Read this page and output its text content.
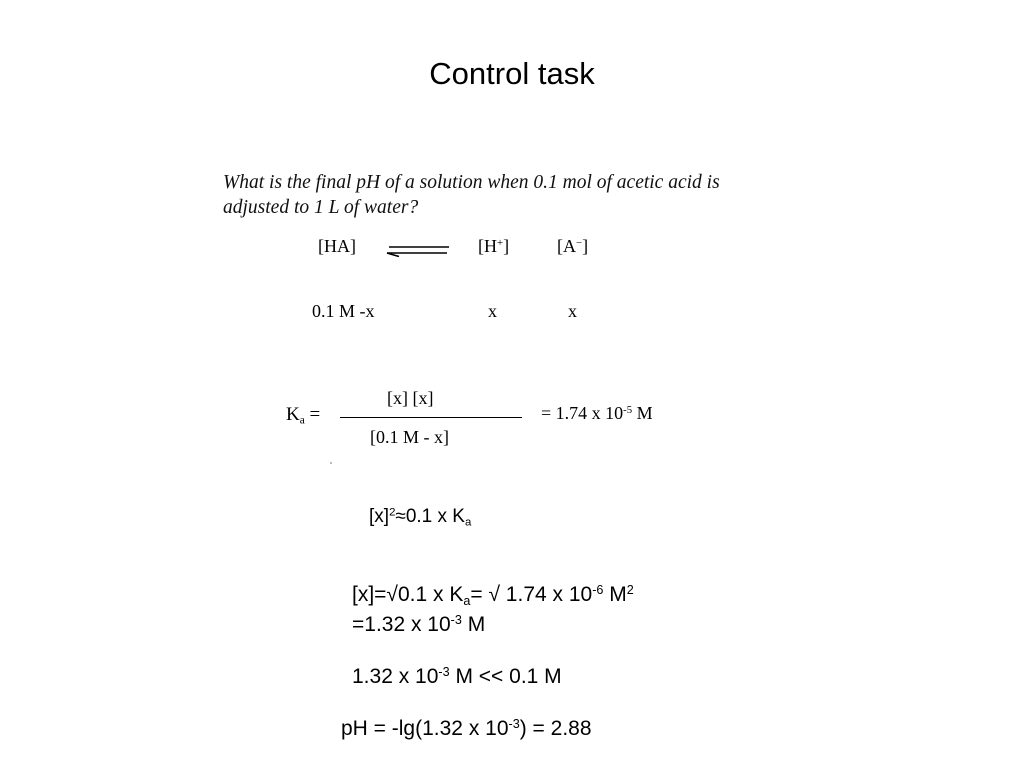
Control task
What is the final pH of a solution when 0.1 mol of acetic acid is
adjusted to 1 L of water?
[HA]	[H+]	[A−]
0.1 M -x	x	x
$K_a$ =
[x] [x]
[0.1 M - x]
= 1.74 x $10^{-5}$ M
$[x]^2\approx 0.1$ x $K_a$
[x]=√0.1 x $K_a=$ √ 1.74 x $10^{-6}$ $M^2$
=1.32 x $10^{-3}$ M
1.32 x $10^{-3}$ M << 0.1 M
pH = -lg(1.32 x $10^{-3}) = 2.88$
